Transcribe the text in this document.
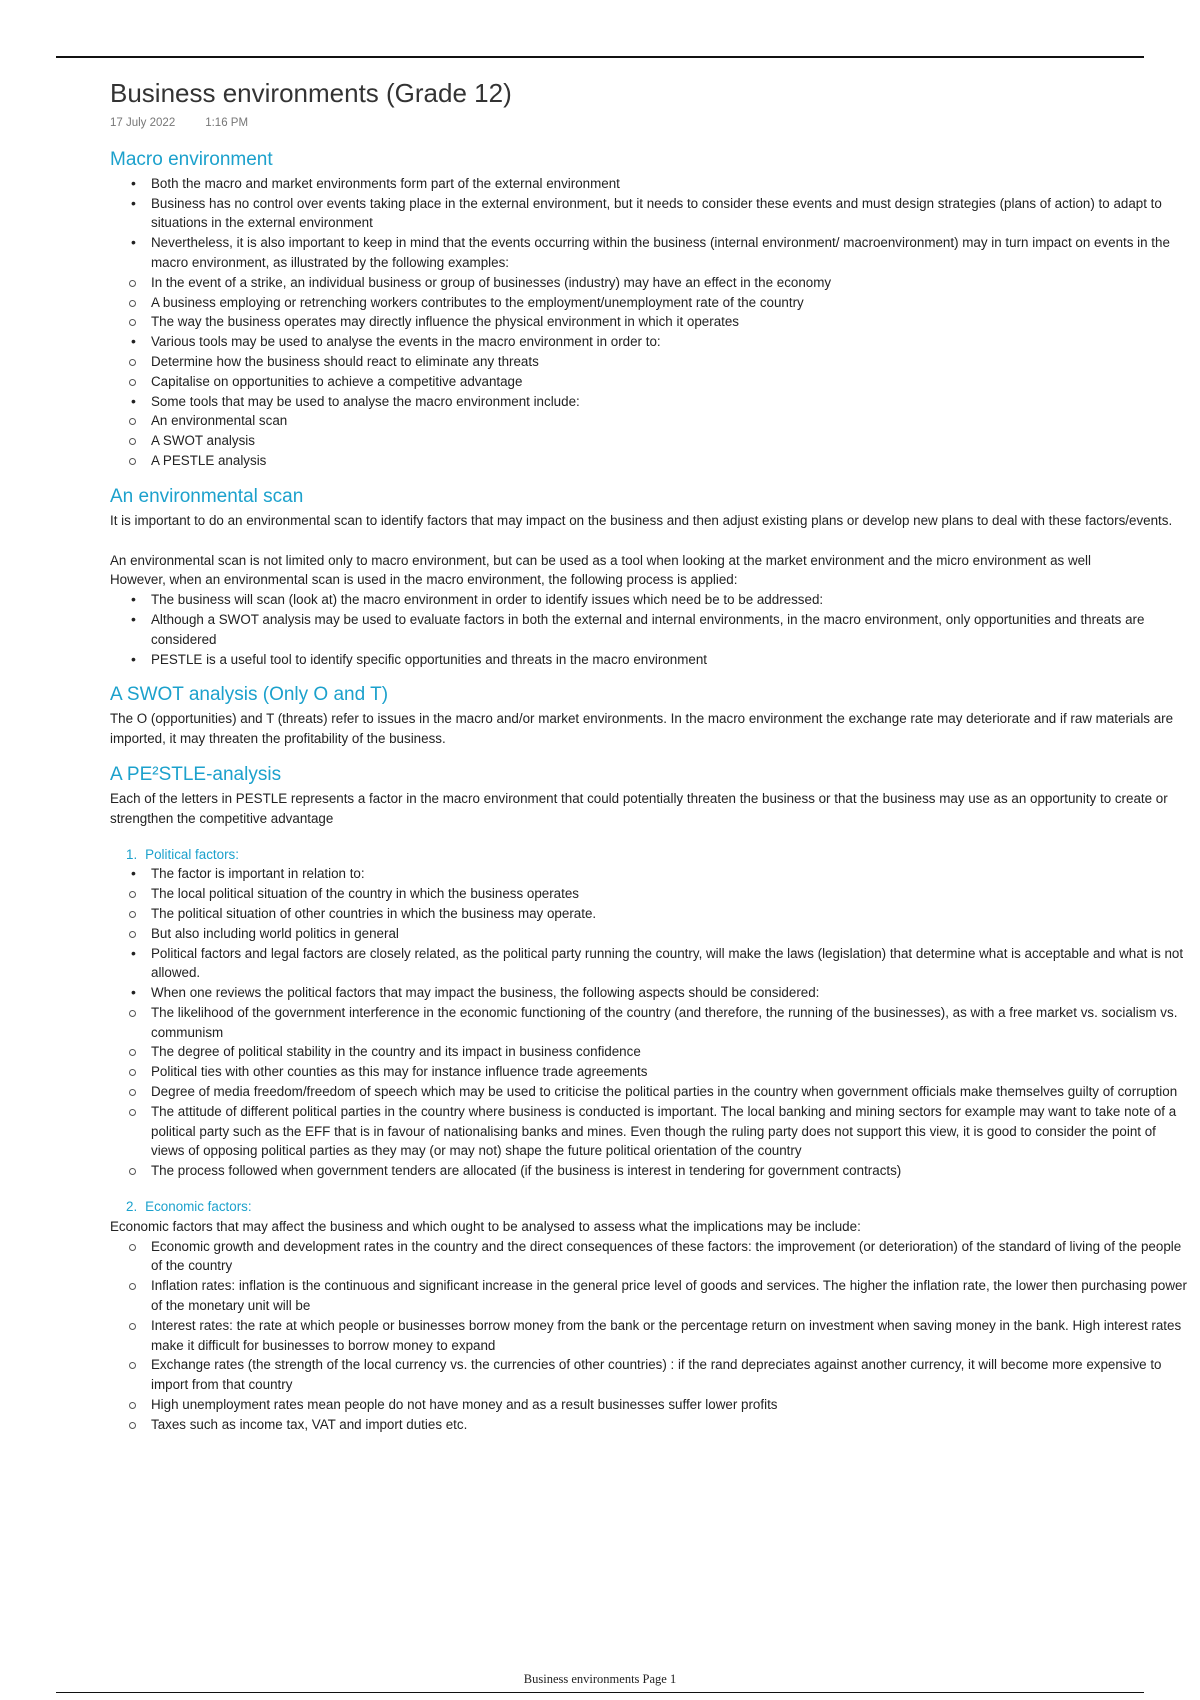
Business environments (Grade 12)
17 July 2022	1:16 PM
Macro environment
• Both the macro and market environments form part of the external environment
• Business has no control over events taking place in the external environment, but it needs to consider these events and must design strategies (plans of action) to adapt to situations in the external environment
• Nevertheless, it is also important to keep in mind that the events occurring within the business (internal environment/ macroenvironment) may in turn impact on events in the macro environment, as illustrated by the following examples:
In the event of a strike, an individual business or group of businesses (industry) may have an effect in the economy
A business employing or retrenching workers contributes to the employment/unemployment rate of the country
The way the business operates may directly influence the physical environment in which it operates
• Various tools may be used to analyse the events in the macro environment in order to:
Determine how the business should react to eliminate any threats
Capitalise on opportunities to achieve a competitive advantage
• Some tools that may be used to analyse the macro environment include:
An environmental scan
A SWOT analysis
A PESTLE analysis
An environmental scan

It is important to do an environmental scan to identify factors that may impact on the business and then adjust existing plans or develop new plans to deal with these factors/events.

An environmental scan is not limited only to macro environment, but can be used as a tool when looking at the market environment and the micro environment as well

However, when an environmental scan is used in the macro environment, the following process is applied:

• The business will scan (look at) the macro environment in order to identify issues which need be to be addressed:
• Although a SWOT analysis may be used to evaluate factors in both the external and internal environments, in the macro environment, only opportunities and threats are considered
• PESTLE is a useful tool to identify specific opportunities and threats in the macro environment
A SWOT analysis (Only O and T)

The O (opportunities) and T (threats) refer to issues in the macro and/or market environments. In the macro environment the exchange rate may deteriorate and if raw materials are imported, it may threaten the profitability of the business.

A PE²STLE-analysis

Each of the letters in PESTLE represents a factor in the macro environment that could potentially threaten the business or that the business may use as an opportunity to create or strengthen the competitive advantage

1. Political factors:
• The factor is important in relation to:
The local political situation of the country in which the business operates
The political situation of other countries in which the business may operate.
But also including world politics in general
• Political factors and legal factors are closely related, as the political party running the country, will make the laws (legislation) that determine what is acceptable and what is not allowed.
• When one reviews the political factors that may impact the business, the following aspects should be considered:
The likelihood of the government interference in the economic functioning of the country (and therefore, the running of the businesses), as with a free market vs. socialism vs. communism
The degree of political stability in the country and its impact in business confidence
Political ties with other counties as this may for instance influence trade agreements
Degree of media freedom/freedom of speech which may be used to criticise the political parties in the country when government officials make themselves guilty of corruption
The attitude of different political parties in the country where business is conducted is important. The local banking and mining sectors for example may want to take note of a political party such as the EFF that is in favour of nationalising banks and mines. Even though the ruling party does not support this view, it is good to consider the point of views of opposing political parties as they may (or may not) shape the future political orientation of the country
The process followed when government tenders are allocated (if the business is interest in tendering for government contracts)
2. Economic factors:

Economic factors that may affect the business and which ought to be analysed to assess what the implications may be include:

Economic growth and development rates in the country and the direct consequences of these factors: the improvement (or deterioration) of the standard of living of the people of the country
Inflation rates: inflation is the continuous and significant increase in the general price level of goods and services. The higher the inflation rate, the lower then purchasing power of the monetary unit will be
Interest rates: the rate at which people or businesses borrow money from the bank or the percentage return on investment when saving money in the bank. High interest rates make it difficult for businesses to borrow money to expand
Exchange rates (the strength of the local currency vs. the currencies of other countries) : if the rand depreciates against another currency, it will become more expensive to import from that country
High unemployment rates mean people do not have money and as a result businesses suffer lower profits
Taxes such as income tax, VAT and import duties etc.
Business environments Page 1
